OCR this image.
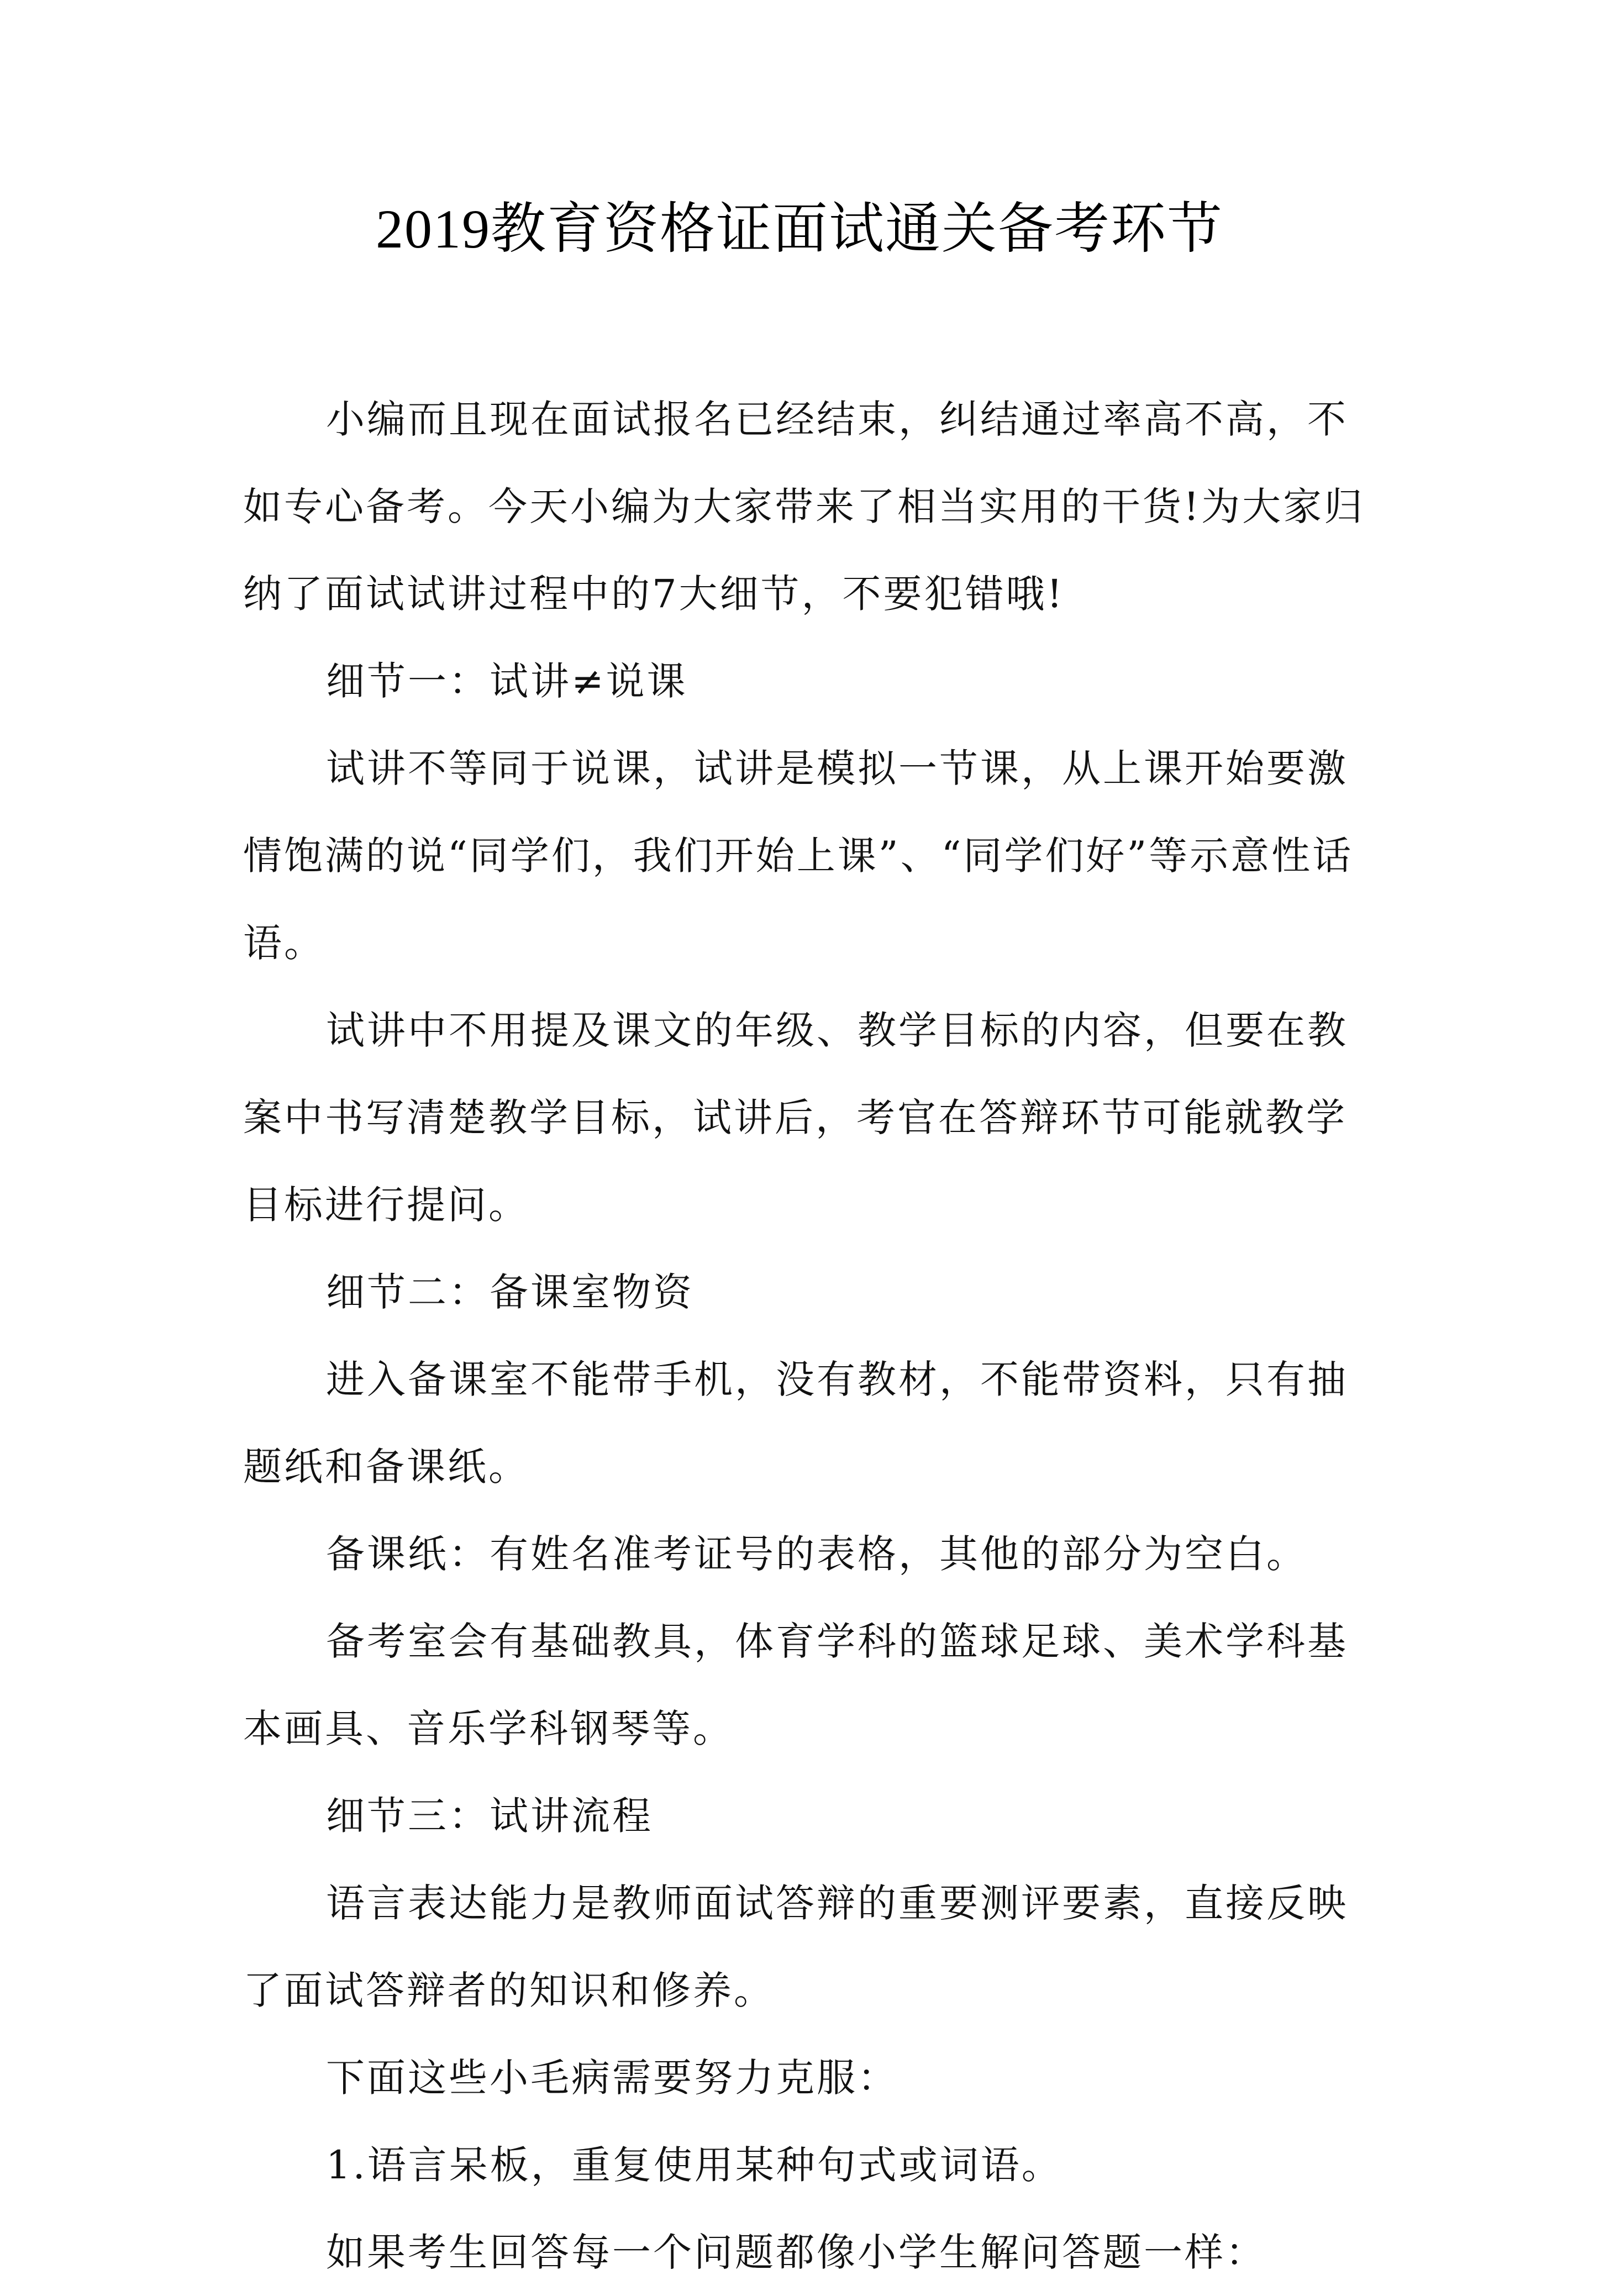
2019教育资格证面试通关备考环节

小编而且现在面试报名已经结束，纠结通过率高不高，不如专心备考。今天小编为大家带来了相当实用的干货!为大家归纳了面试试讲过程中的7大细节，不要犯错哦!

细节一：试讲≠说课

试讲不等同于说课，试讲是模拟一节课，从上课开始要激情饱满的说“同学们，我们开始上课”、“同学们好”等示意性话语。

试讲中不用提及课文的年级、教学目标的内容，但要在教案中书写清楚教学目标，试讲后，考官在答辩环节可能就教学目标进行提问。

细节二：备课室物资

进入备课室不能带手机，没有教材，不能带资料，只有抽题纸和备课纸。

备课纸：有姓名准考证号的表格，其他的部分为空白。

备考室会有基础教具，体育学科的篮球足球、美术学科基本画具、音乐学科钢琴等。

细节三：试讲流程

语言表达能力是教师面试答辩的重要测评要素，直接反映了面试答辩者的知识和修养。

下面这些小毛病需要努力克服：

1.语言呆板，重复使用某种句式或词语。

如果考生回答每一个问题都像小学生解问答题一样：
